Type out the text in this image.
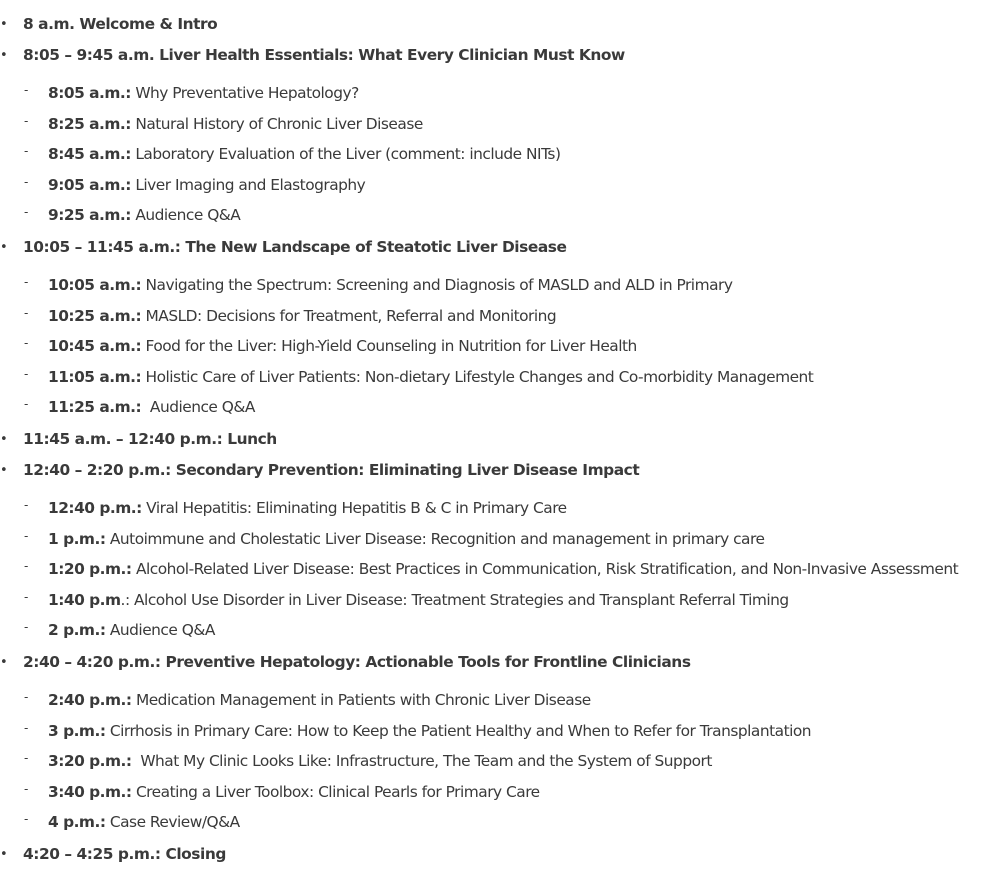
• 8 a.m. Welcome & Intro
• 8:05 – 9:45 a.m. Liver Health Essentials: What Every Clinician Must Know
- 8:05 a.m.: Why Preventative Hepatology?
- 8:25 a.m.: Natural History of Chronic Liver Disease
- 8:45 a.m.: Laboratory Evaluation of the Liver (comment: include NITs)
- 9:05 a.m.: Liver Imaging and Elastography
- 9:25 a.m.: Audience Q&A
• 10:05 – 11:45 a.m.: The New Landscape of Steatotic Liver Disease
- 10:05 a.m.: Navigating the Spectrum: Screening and Diagnosis of MASLD and ALD in Primary
- 10:25 a.m.: MASLD: Decisions for Treatment, Referral and Monitoring
- 10:45 a.m.: Food for the Liver: High-Yield Counseling in Nutrition for Liver Health
- 11:05 a.m.: Holistic Care of Liver Patients: Non-dietary Lifestyle Changes and Co-morbidity Management
- 11:25 a.m.:  Audience Q&A
• 11:45 a.m. – 12:40 p.m.: Lunch
• 12:40 – 2:20 p.m.: Secondary Prevention: Eliminating Liver Disease Impact
- 12:40 p.m.: Viral Hepatitis: Eliminating Hepatitis B & C in Primary Care
- 1 p.m.: Autoimmune and Cholestatic Liver Disease: Recognition and management in primary care
- 1:20 p.m.: Alcohol-Related Liver Disease: Best Practices in Communication, Risk Stratification, and Non-Invasive Assessment
- 1:40 p.m.: Alcohol Use Disorder in Liver Disease: Treatment Strategies and Transplant Referral Timing
- 2 p.m.: Audience Q&A
• 2:40 – 4:20 p.m.: Preventive Hepatology: Actionable Tools for Frontline Clinicians
- 2:40 p.m.: Medication Management in Patients with Chronic Liver Disease
- 3 p.m.: Cirrhosis in Primary Care: How to Keep the Patient Healthy and When to Refer for Transplantation
- 3:20 p.m.:  What My Clinic Looks Like: Infrastructure, The Team and the System of Support
- 3:40 p.m.: Creating a Liver Toolbox: Clinical Pearls for Primary Care
- 4 p.m.: Case Review/Q&A
• 4:20 – 4:25 p.m.: Closing
